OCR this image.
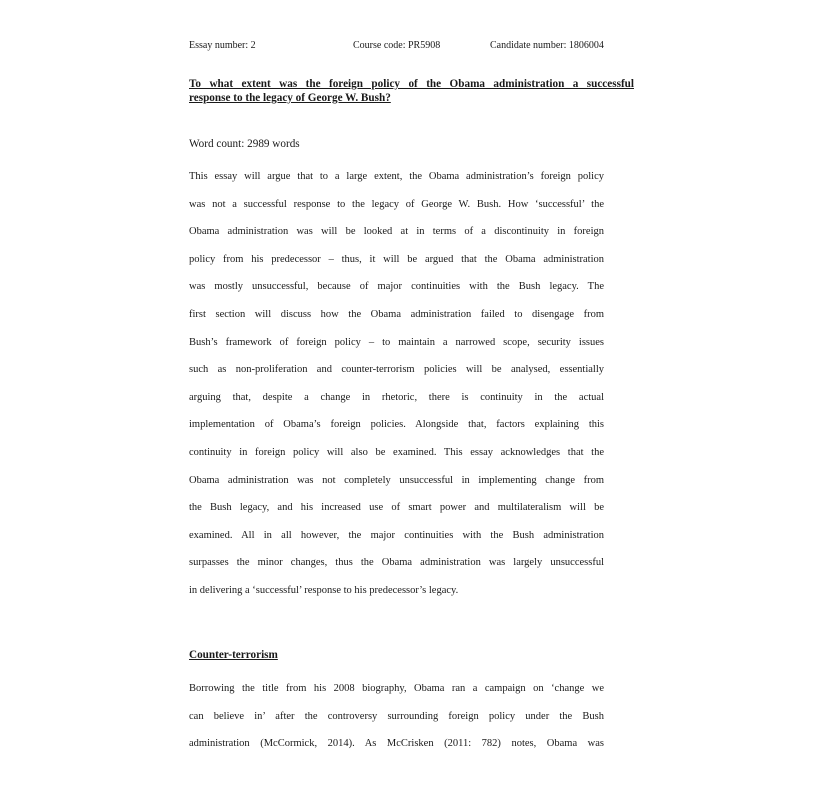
Essay number: 2	Course code: PR5908	Candidate number: 1806004
To what extent was the foreign policy of the Obama administration a successful
response to the legacy of George W. Bush?
Word count: 2989 words
This essay will argue that to a large extent, the Obama administration’s foreign policy
was not a successful response to the legacy of George W. Bush. How ‘successful’ the
Obama administration was will be looked at in terms of a discontinuity in foreign
policy from his predecessor – thus, it will be argued that the Obama administration
was mostly unsuccessful, because of major continuities with the Bush legacy. The
first section will discuss how the Obama administration failed to disengage from
Bush’s framework of foreign policy – to maintain a narrowed scope, security issues
such as non-proliferation and counter-terrorism policies will be analysed, essentially
arguing that, despite a change in rhetoric, there is continuity in the actual
implementation of Obama’s foreign policies. Alongside that, factors explaining this
continuity in foreign policy will also be examined. This essay acknowledges that the
Obama administration was not completely unsuccessful in implementing change from
the Bush legacy, and his increased use of smart power and multilateralism will be
examined. All in all however, the major continuities with the Bush administration
surpasses the minor changes, thus the Obama administration was largely unsuccessful
in delivering a ‘successful’ response to his predecessor’s legacy.
Counter-terrorism
Borrowing the title from his 2008 biography, Obama ran a campaign on ‘change we
can believe in’ after the controversy surrounding foreign policy under the Bush
administration (McCormick, 2014). As McCrisken (2011: 782) notes, Obama was
